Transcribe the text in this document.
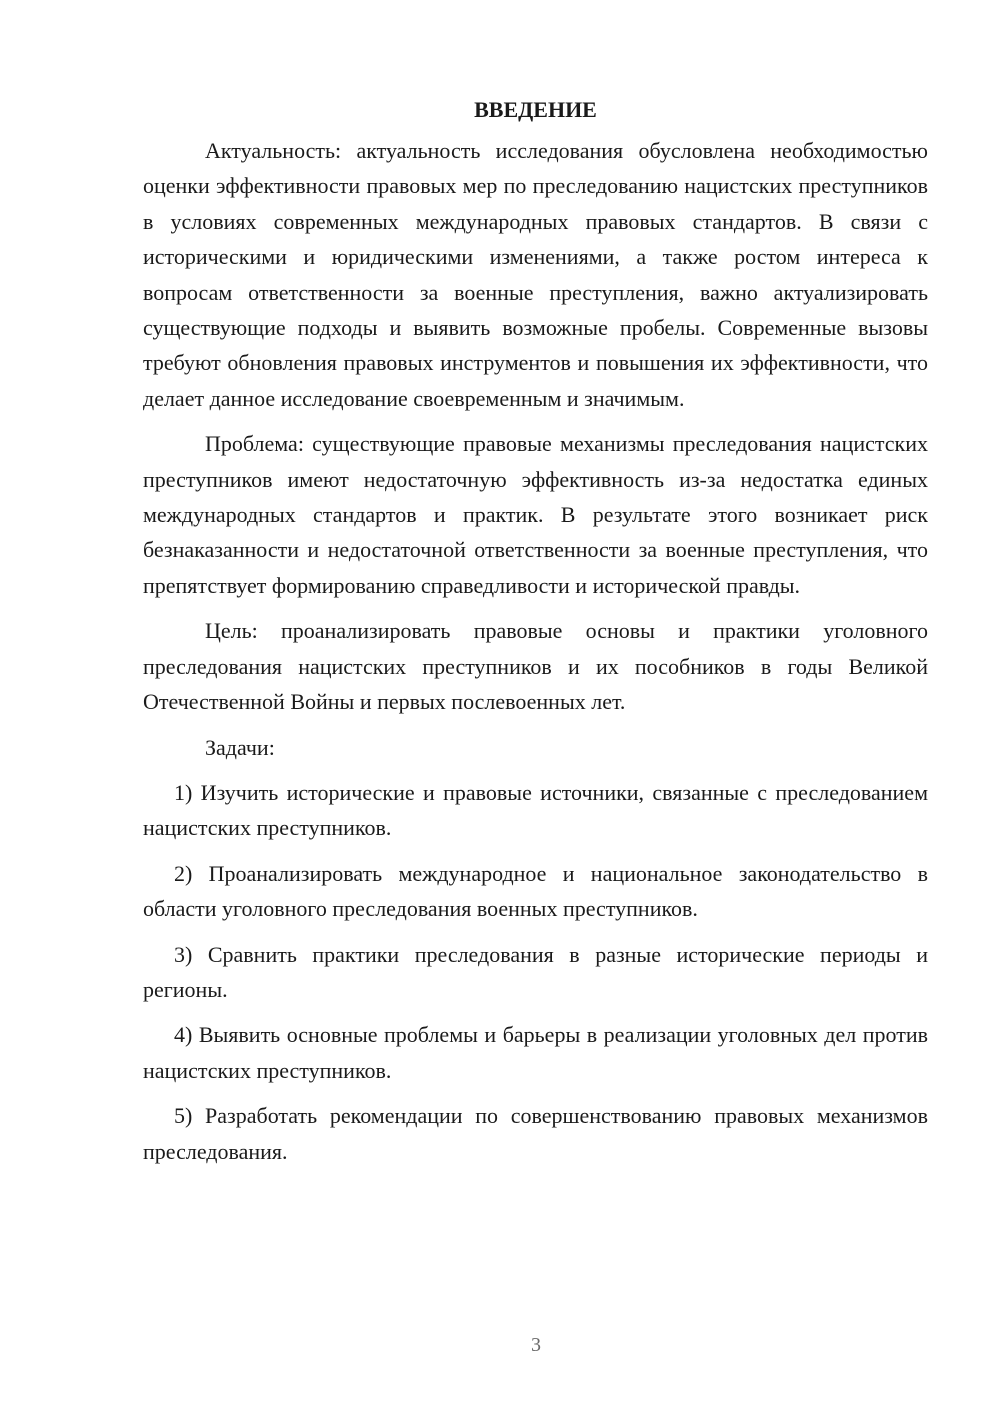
ВВЕДЕНИЕ

Актуальность: актуальность исследования обусловлена необходимостью оценки эффективности правовых мер по преследованию нацистских преступников в условиях современных международных правовых стандартов. В связи с историческими и юридическими изменениями, а также ростом интереса к вопросам ответственности за военные преступления, важно актуализировать существующие подходы и выявить возможные пробелы. Современные вызовы требуют обновления правовых инструментов и повышения их эффективности, что делает данное исследование своевременным и значимым.

Проблема: существующие правовые механизмы преследования нацистских преступников имеют недостаточную эффективность из-за недостатка единых международных стандартов и практик. В результате этого возникает риск безнаказанности и недостаточной ответственности за военные преступления, что препятствует формированию справедливости и исторической правды.

Цель: проанализировать правовые основы и практики уголовного преследования нацистских преступников и их пособников в годы Великой Отечественной Войны и первых послевоенных лет.

Задачи:

1) Изучить исторические и правовые источники, связанные с преследованием нацистских преступников.

2) Проанализировать международное и национальное законодательство в области уголовного преследования военных преступников.

3) Сравнить практики преследования в разные исторические периоды и регионы.

4) Выявить основные проблемы и барьеры в реализации уголовных дел против нацистских преступников.

5) Разработать рекомендации по совершенствованию правовых механизмов преследования.

3
